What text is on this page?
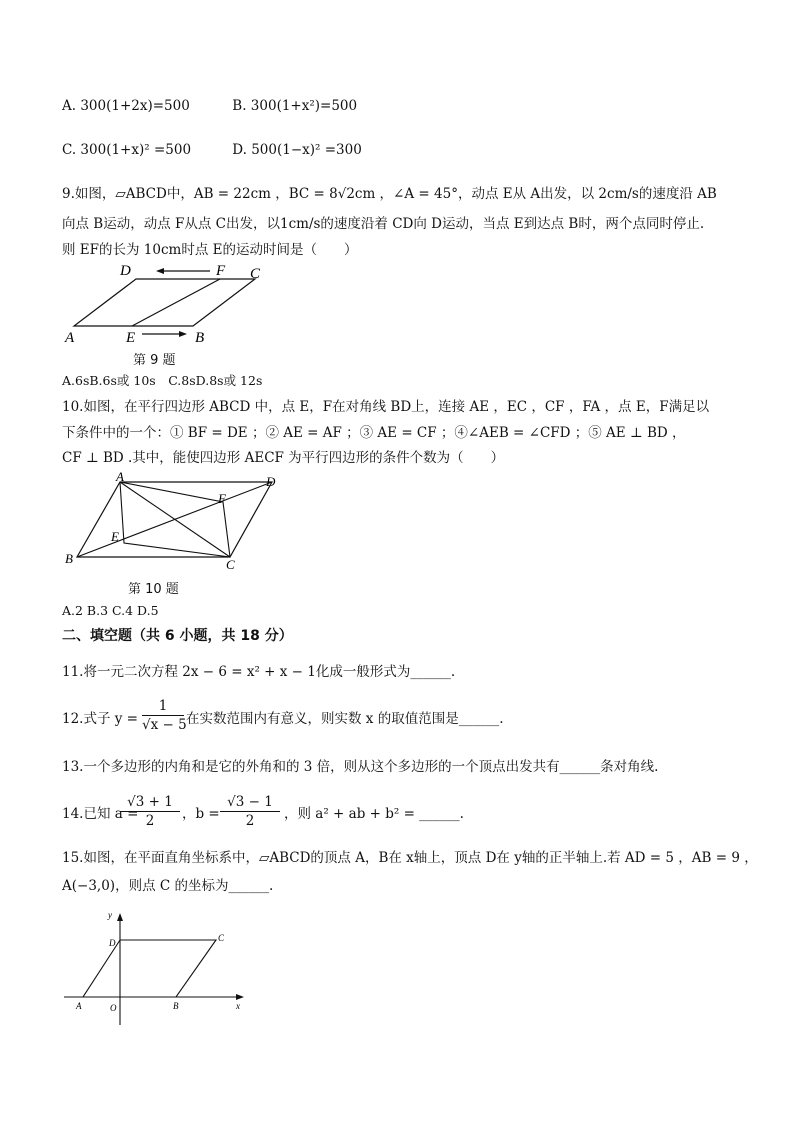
A. 300(1+2x)=500	B. 300(1+x²)=500
C. 300(1+x)² =500	D. 500(1−x)² =300
9.如图，▱ABCD中，AB = 22cm ，BC = 8√2cm ，∠A = 45°，动点 E从 A出发，以 2cm/s的速度沿 AB
向点 B运动，动点 F从点 C出发，以1cm/s的速度沿着 CD向 D运动，当点 E到达点 B时，两个点同时停止.
则 EF的长为 10cm时点 E的运动时间是（　　）
D	F C
A	E	B
第 9 题
A.6sB.6s或 10s　C.8sD.8s或 12s
10.如图，在平行四边形 ABCD 中，点 E，F在对角线 BD上，连接 AE ，EC ，CF ，FA ，点 E，F满足以
下条件中的一个：① BF = DE ；② AE = AF ；③ AE = CF ；④∠AEB = ∠CFD ；⑤ AE ⊥ BD ，
CF ⊥ BD .其中，能使四边形 AECF 为平行四边形的条件个数为（　　）
A	D
F
E
B	C
第 10 题
A.2 B.3 C.4 D.5
二、填空题（共 6 小题，共 18 分）
11.将一元二次方程 2x − 6 = x² + x − 1化成一般形式为______.
12.式子 $y = \frac{1}{√x - 5}$ 在实数范围内有意义，则实数 x 的取值范围是______.
13.一个多边形的内角和是它的外角和的 3 倍，则从这个多边形的一个顶点出发共有______条对角线.
14.已知 a =
$\frac{√3 + 1}{2}$ ，$b = \frac{√3 - 1}{2}$ ，则 a² + ab + b² = ______.
15.如图，在平面直角坐标系中，▱ABCD的顶点 A，B在 x轴上，顶点 D在 y轴的正半轴上.若 AD = 5 ，AB = 9 ，
A(−3,0)，则点 C 的坐标为______.
y
D	C
A	O	B	x
